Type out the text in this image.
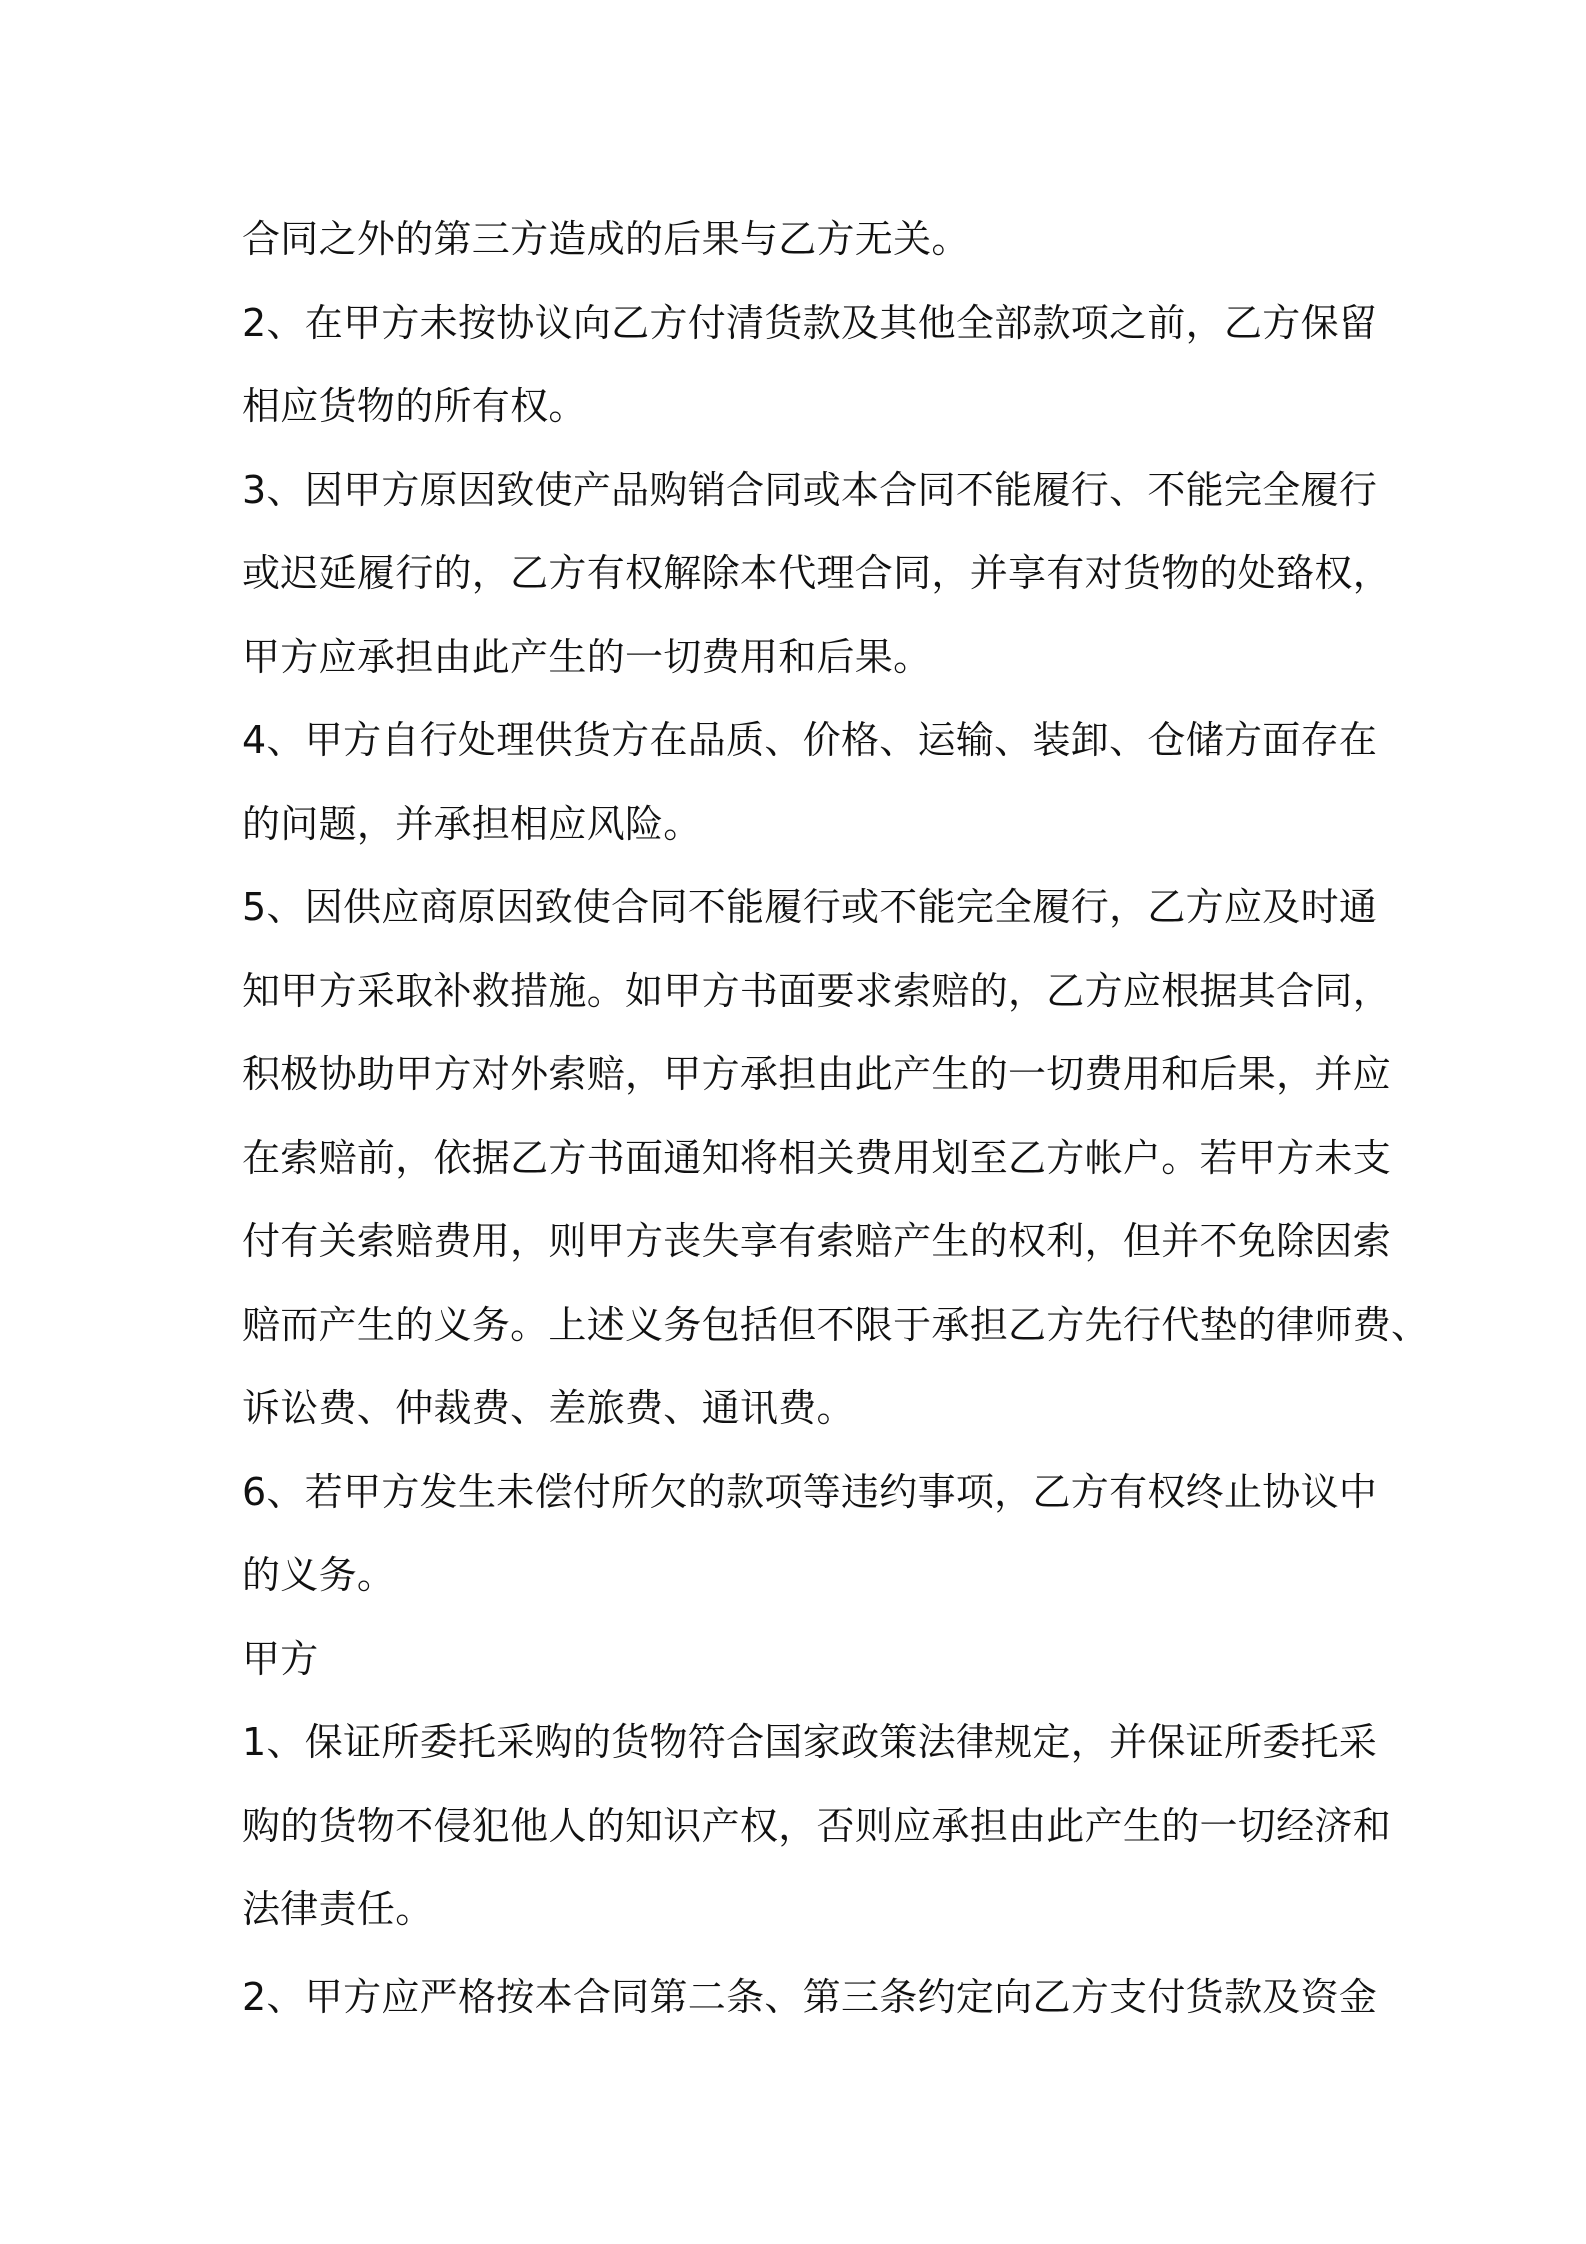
合同之外的第三方造成的后果与乙方无关。
2、在甲方未按协议向乙方付清货款及其他全部款项之前，乙方保留
相应货物的所有权。
3、因甲方原因致使产品购销合同或本合同不能履行、不能完全履行
或迟延履行的，乙方有权解除本代理合同，并享有对货物的处臵权，
甲方应承担由此产生的一切费用和后果。
4、甲方自行处理供货方在品质、价格、运输、装卸、仓储方面存在
的问题，并承担相应风险。
5、因供应商原因致使合同不能履行或不能完全履行，乙方应及时通
知甲方采取补救措施。如甲方书面要求索赔的，乙方应根据其合同，
积极协助甲方对外索赔，甲方承担由此产生的一切费用和后果，并应
在索赔前，依据乙方书面通知将相关费用划至乙方帐户。若甲方未支
付有关索赔费用，则甲方丧失享有索赔产生的权利，但并不免除因索
赔而产生的义务。上述义务包括但不限于承担乙方先行代垫的律师费、
诉讼费、仲裁费、差旅费、通讯费。
6、若甲方发生未偿付所欠的款项等违约事项，乙方有权终止协议中
的义务。
甲方
1、保证所委托采购的货物符合国家政策法律规定，并保证所委托采
购的货物不侵犯他人的知识产权，否则应承担由此产生的一切经济和
法律责任。
2、甲方应严格按本合同第二条、第三条约定向乙方支付货款及资金
